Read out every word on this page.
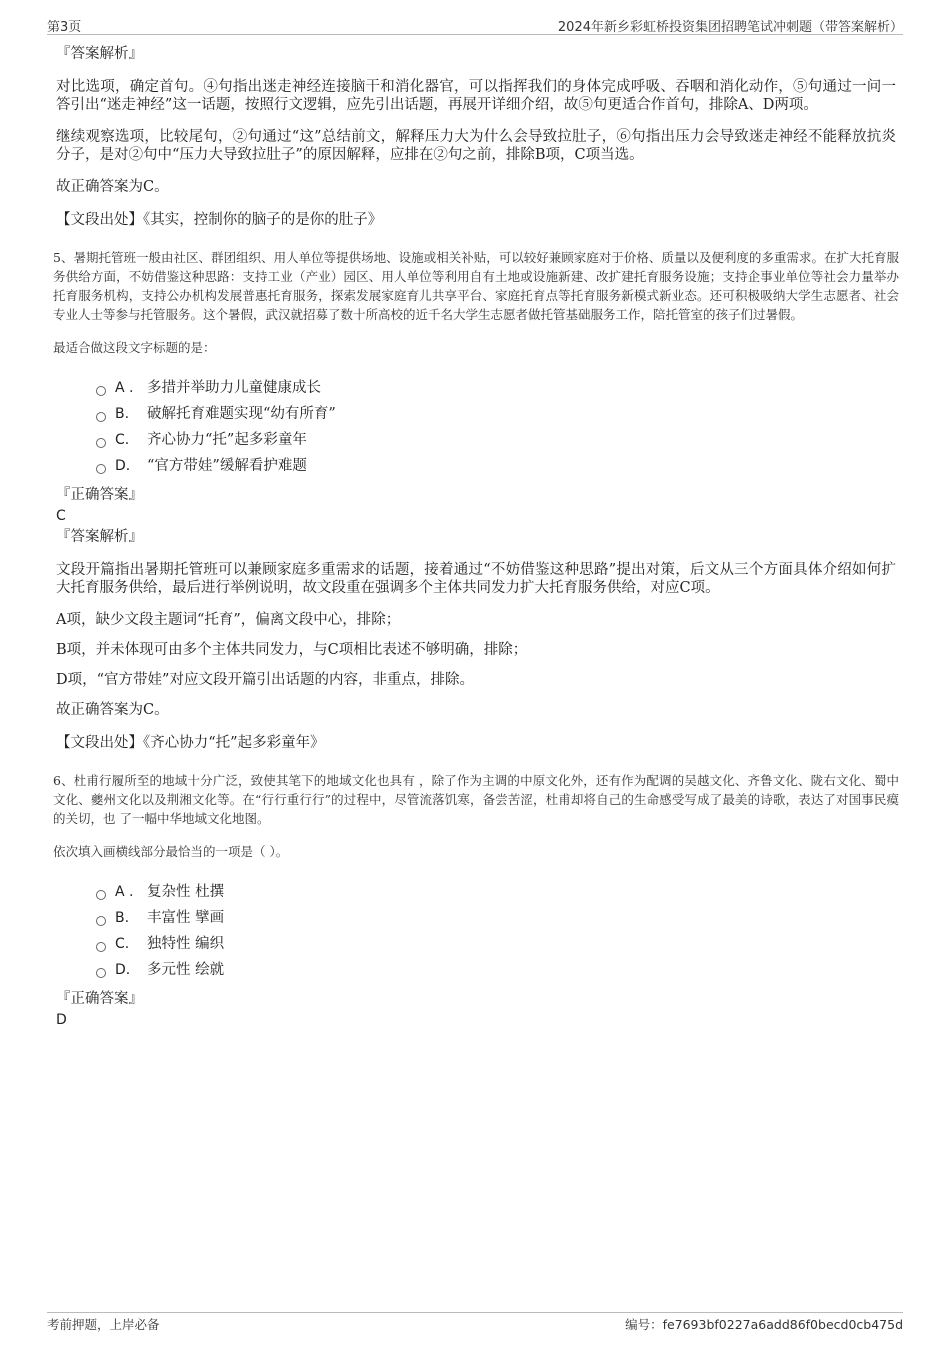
第3页	2024年新乡彩虹桥投资集团招聘笔试冲刺题（带答案解析）
『答案解析』

对比选项，确定首句。④句指出迷走神经连接脑干和消化器官，可以指挥我们的身体完成呼吸、吞咽和消化动作，⑤句通过一问一答引出“迷走神经”这一话题，按照行文逻辑，应先引出话题，再展开详细介绍，故⑤句更适合作首句，排除A、D两项。

继续观察选项，比较尾句，②句通过“这”总结前文，解释压力大为什么会导致拉肚子，⑥句指出压力会导致迷走神经不能释放抗炎分子，是对②句中“压力大导致拉肚子”的原因解释，应排在②句之前，排除B项，C项当选。

故正确答案为C。

【文段出处】《其实，控制你的脑子的是你的肚子》

5、暑期托管班一般由社区、群团组织、用人单位等提供场地、设施或相关补贴，可以较好兼顾家庭对于价格、质量以及便利度的多重需求。在扩大托育服务供给方面，不妨借鉴这种思路：支持工业（产业）园区、用人单位等利用自有土地或设施新建、改扩建托育服务设施；支持企事业单位等社会力量举办托育服务机构，支持公办机构发展普惠托育服务，探索发展家庭育儿共享平台、家庭托育点等托育服务新模式新业态。还可积极吸纳大学生志愿者、社会专业人士等参与托管服务。这个暑假，武汉就招募了数十所高校的近千名大学生志愿者做托管基础服务工作，陪托管室的孩子们过暑假。

最适合做这段文字标题的是：

A . 多措并举助力儿童健康成长
B.	破解托育难题实现“幼有所育”
C.	齐心协力“托”起多彩童年
D.	“官方带娃”缓解看护难题
『正确答案』
C
『答案解析』

文段开篇指出暑期托管班可以兼顾家庭多重需求的话题，接着通过“不妨借鉴这种思路”提出对策，后文从三个方面具体介绍如何扩大托育服务供给，最后进行举例说明，故文段重在强调多个主体共同发力扩大托育服务供给，对应C项。

A项，缺少文段主题词“托育”，偏离文段中心，排除；

B项，并未体现可由多个主体共同发力，与C项相比表述不够明确，排除；

D项，“官方带娃”对应文段开篇引出话题的内容，非重点，排除。

故正确答案为C。

【文段出处】《齐心协力“托”起多彩童年》

6、杜甫行履所至的地域十分广泛，致使其笔下的地域文化也具有 ，除了作为主调的中原文化外，还有作为配调的吴越文化、齐鲁文化、陇右文化、蜀中文化、夔州文化以及荆湘文化等。在“行行重行行”的过程中，尽管流落饥寒，备尝苦涩，杜甫却将自己的生命感受写成了最美的诗歌，表达了对国事民瘼的关切，也 了一幅中华地域文化地图。

依次填入画横线部分最恰当的一项是（ ）。

A . 复杂性 杜撰
B.	丰富性 擘画
C.	独特性 编织
D.	多元性 绘就
『正确答案』
D
考前押题，上岸必备	编号：fe7693bf0227a6add86f0becd0cb475d
